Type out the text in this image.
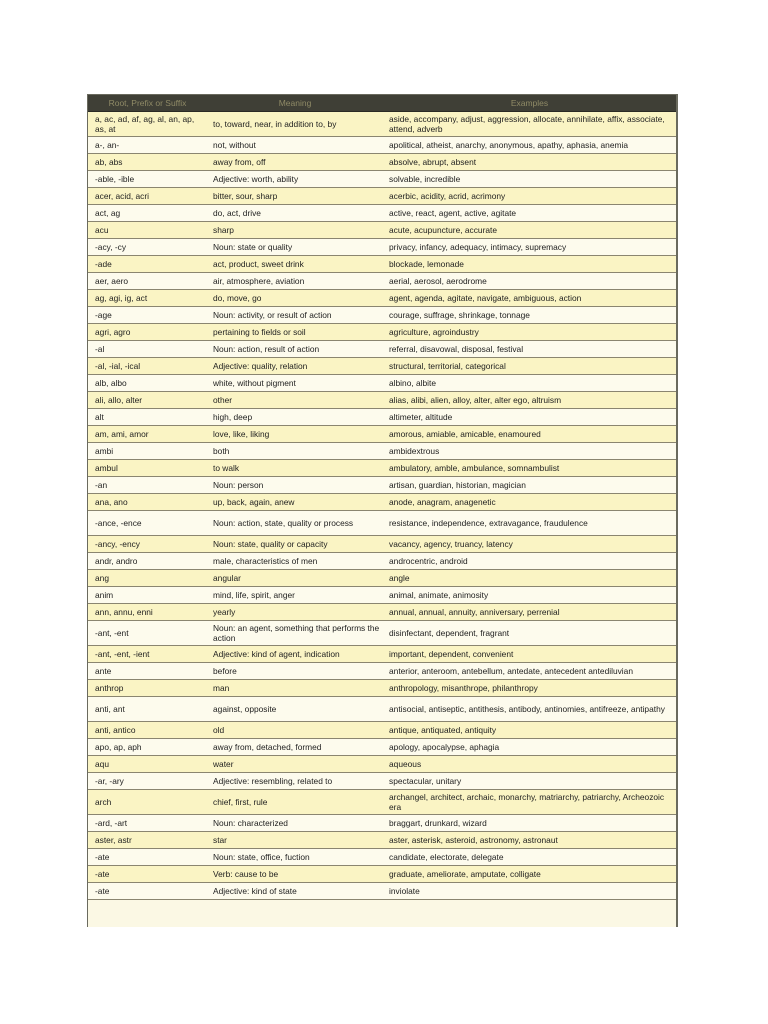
Root, Prefix or Suffix	Meaning	Examples
a, ac, ad, af, ag, al, an, ap, as, at	to, toward, near, in addition to, by	aside, accompany, adjust, aggression, allocate, annihilate, affix, associate, attend, adverb
a-, an-	not, without	apolitical, atheist, anarchy, anonymous, apathy, aphasia, anemia
ab, abs	away from, off	absolve, abrupt, absent
-able, -ible	Adjective: worth, ability	solvable, incredible
acer, acid, acri	bitter, sour, sharp	acerbic, acidity, acrid, acrimony
act, ag	do, act, drive	active, react, agent, active, agitate
acu	sharp	acute, acupuncture, accurate
-acy, -cy	Noun: state or quality	privacy, infancy, adequacy, intimacy, supremacy
-ade	act, product, sweet drink	blockade, lemonade
aer, aero	air, atmosphere, aviation	aerial, aerosol, aerodrome
ag, agi, ig, act	do, move, go	agent, agenda, agitate, navigate, ambiguous, action
-age	Noun: activity, or result of action	courage, suffrage, shrinkage, tonnage
agri, agro	pertaining to fields or soil	agriculture, agroindustry
-al	Noun: action, result of action	referral, disavowal, disposal, festival
-al, -ial, -ical	Adjective: quality, relation	structural, territorial, categorical
alb, albo	white, without pigment	albino, albite
ali, allo, alter	other	alias, alibi, alien, alloy, alter, alter ego, altruism
alt	high, deep	altimeter, altitude
am, ami, amor	love, like, liking	amorous, amiable, amicable, enamoured
ambi	both	ambidextrous
ambul	to walk	ambulatory, amble, ambulance, somnambulist
-an	Noun: person	artisan, guardian, historian, magician
ana, ano	up, back, again, anew	anode, anagram, anagenetic
-ance, -ence	Noun: action, state, quality or process	resistance, independence, extravagance, fraudulence
-ancy, -ency	Noun: state, quality or capacity	vacancy, agency, truancy, latency
andr, andro	male, characteristics of men	androcentric, android
ang	angular	angle
anim	mind, life, spirit, anger	animal, animate, animosity
ann, annu, enni	yearly	annual, annual, annuity, anniversary, perrenial
-ant, -ent	Noun: an agent, something that performs the action	disinfectant, dependent, fragrant
-ant, -ent, -ient	Adjective: kind of agent, indication	important, dependent, convenient
ante	before	anterior, anteroom, antebellum, antedate, antecedent antediluvian
anthrop	man	anthropology, misanthrope, philanthropy
anti, ant	against, opposite	antisocial, antiseptic, antithesis, antibody, antinomies, antifreeze, antipathy
anti, antico	old	antique, antiquated, antiquity
apo, ap, aph	away from, detached, formed	apology, apocalypse, aphagia
aqu	water	aqueous
-ar, -ary	Adjective: resembling, related to	spectacular, unitary
arch	chief, first, rule	archangel, architect, archaic, monarchy, matriarchy, patriarchy, Archeozoic era
-ard, -art	Noun: characterized	braggart, drunkard, wizard
aster, astr	star	aster, asterisk, asteroid, astronomy, astronaut
-ate	Noun: state, office, fuction	candidate, electorate, delegate
-ate	Verb: cause to be	graduate, ameliorate, amputate, colligate
-ate	Adjective: kind of state	inviolate
